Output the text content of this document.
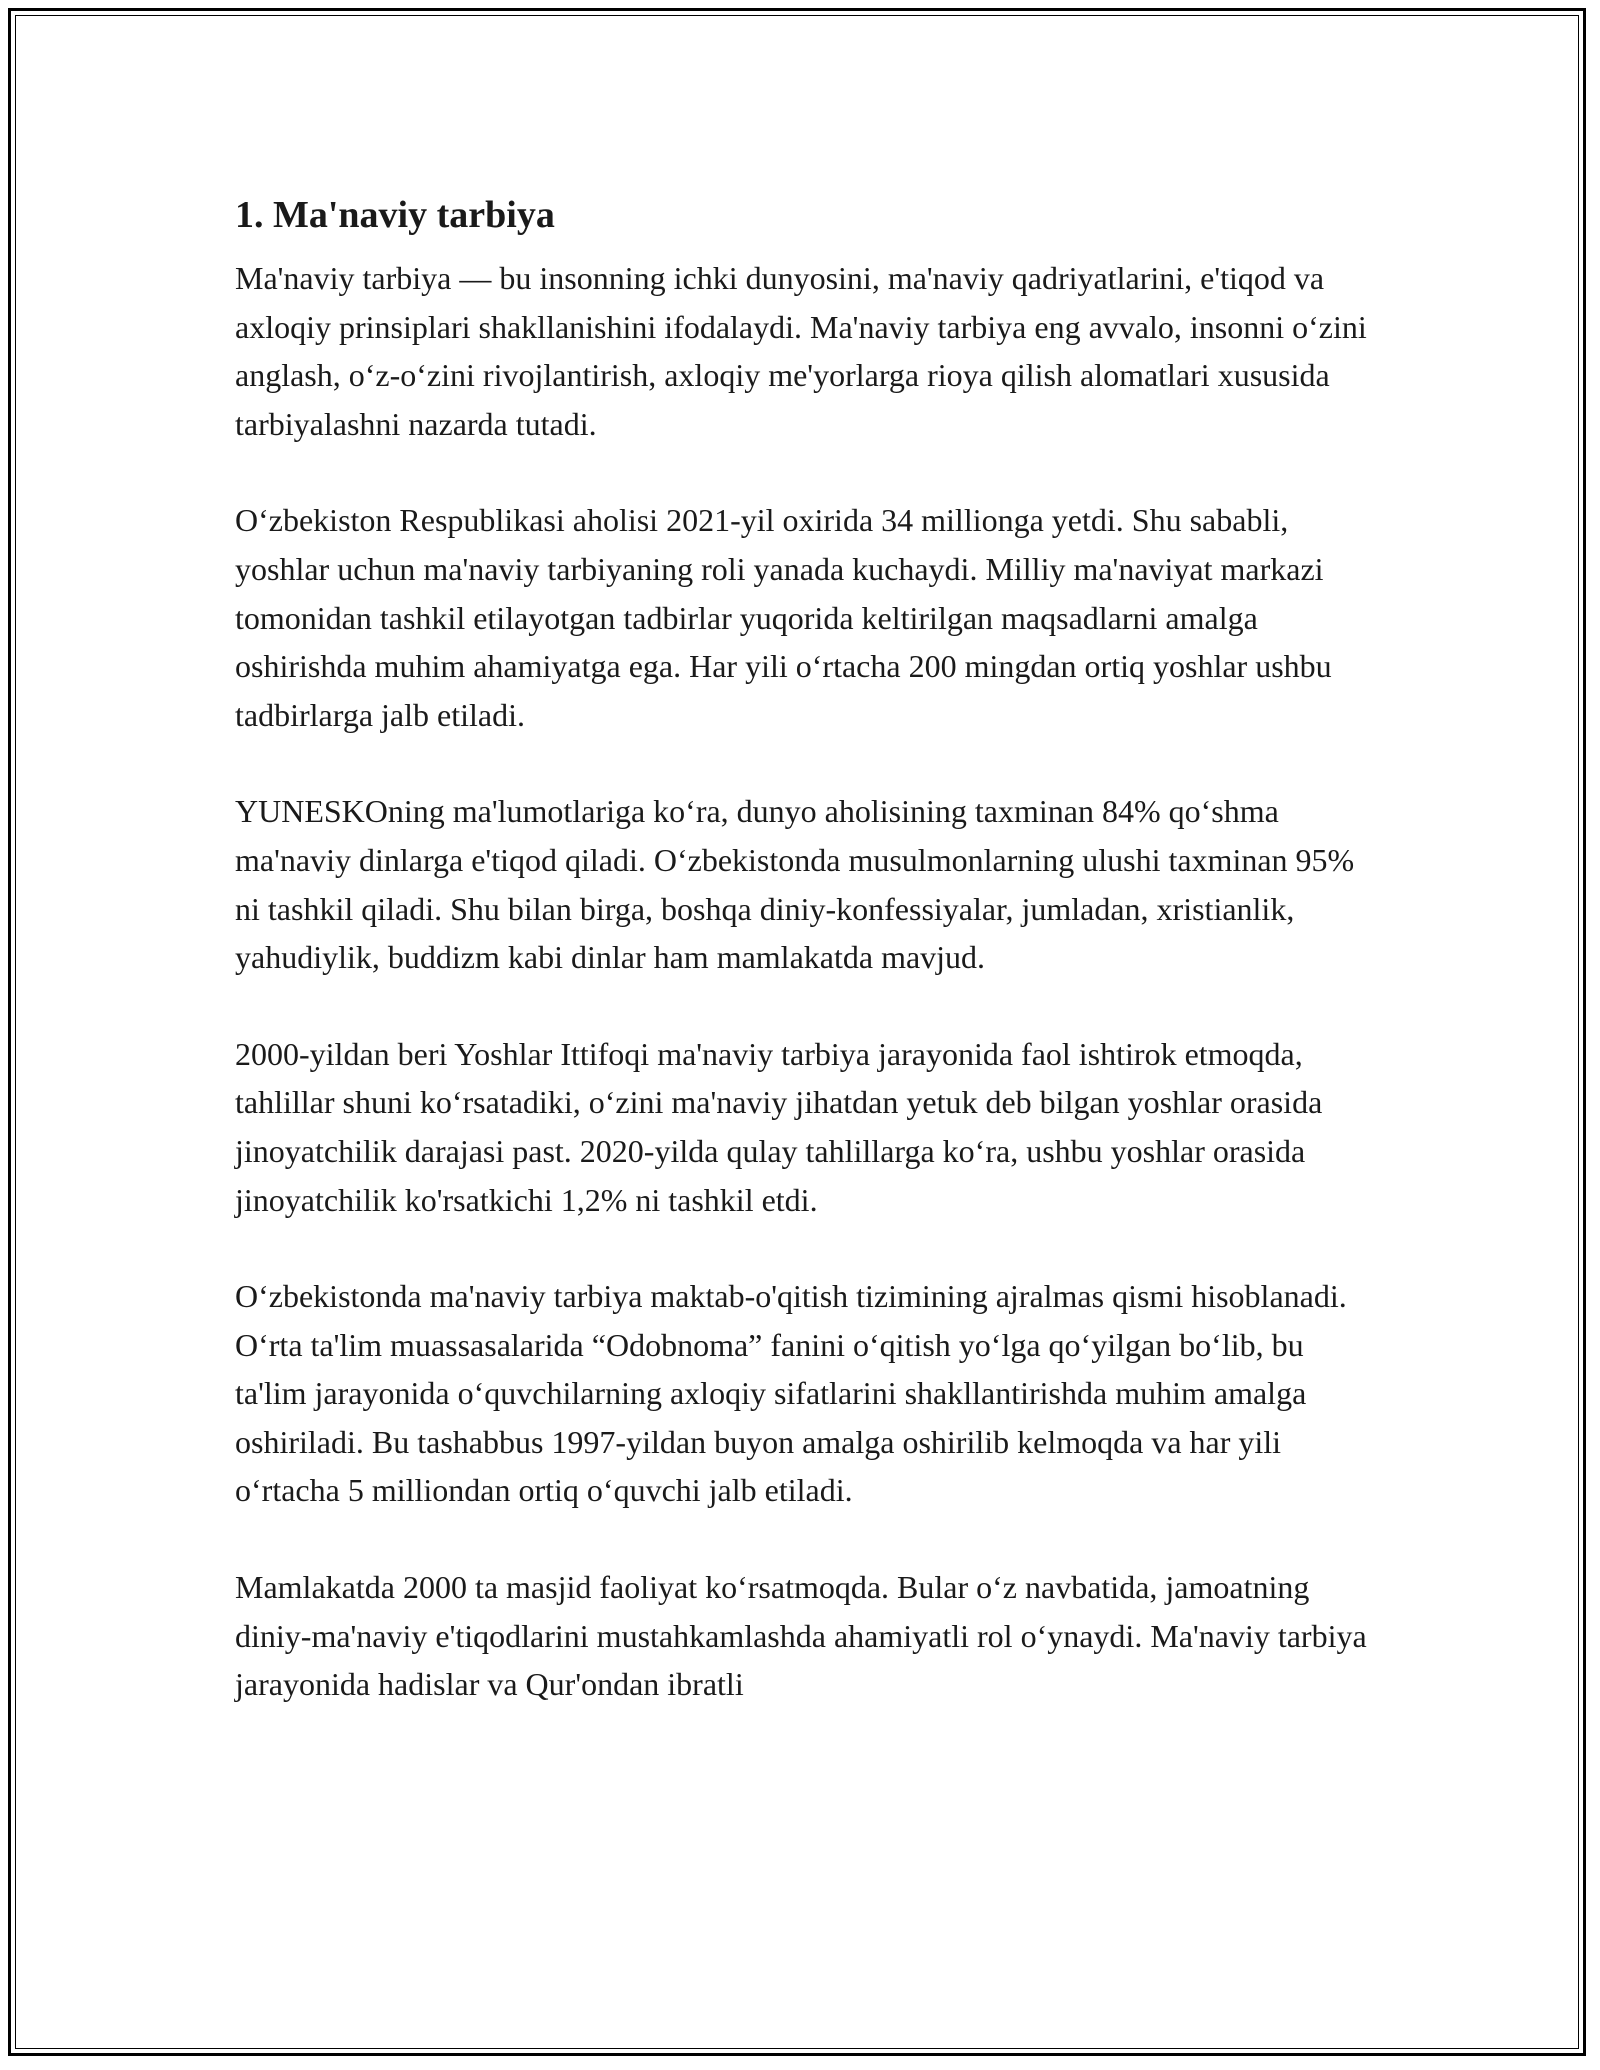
1. Ma'naviy tarbiya

Ma'naviy tarbiya — bu insonning ichki dunyosini, ma'naviy qadriyatlarini, e'tiqod va axloqiy prinsiplari shakllanishini ifodalaydi. Ma'naviy tarbiya eng avvalo, insonni o‘zini anglash, o‘z-o‘zini rivojlantirish, axloqiy me'yorlarga rioya qilish alomatlari xususida tarbiyalashni nazarda tutadi.

O‘zbekiston Respublikasi aholisi 2021-yil oxirida 34 millionga yetdi. Shu sababli, yoshlar uchun ma'naviy tarbiyaning roli yanada kuchaydi. Milliy ma'naviyat markazi tomonidan tashkil etilayotgan tadbirlar yuqorida keltirilgan maqsadlarni amalga oshirishda muhim ahamiyatga ega. Har yili o‘rtacha 200 mingdan ortiq yoshlar ushbu tadbirlarga jalb etiladi.

YUNESKOning ma'lumotlariga ko‘ra, dunyo aholisining taxminan 84% qo‘shma ma'naviy dinlarga e'tiqod qiladi. O‘zbekistonda musulmonlarning ulushi taxminan 95% ni tashkil qiladi. Shu bilan birga, boshqa diniy-konfessiyalar, jumladan, xristianlik, yahudiylik, buddizm kabi dinlar ham mamlakatda mavjud.

2000-yildan beri Yoshlar Ittifoqi ma'naviy tarbiya jarayonida faol ishtirok etmoqda, tahlillar shuni ko‘rsatadiki, o‘zini ma'naviy jihatdan yetuk deb bilgan yoshlar orasida jinoyatchilik darajasi past. 2020-yilda qulay tahlillarga ko‘ra, ushbu yoshlar orasida jinoyatchilik ko'rsatkichi 1,2% ni tashkil etdi.

O‘zbekistonda ma'naviy tarbiya maktab-o'qitish tizimining ajralmas qismi hisoblanadi. O‘rta ta'lim muassasalarida “Odobnoma” fanini o‘qitish yo‘lga qo‘yilgan bo‘lib, bu ta'lim jarayonida o‘quvchilarning axloqiy sifatlarini shakllantirishda muhim amalga oshiriladi. Bu tashabbus 1997-yildan buyon amalga oshirilib kelmoqda va har yili o‘rtacha 5 milliondan ortiq o‘quvchi jalb etiladi.

Mamlakatda 2000 ta masjid faoliyat ko‘rsatmoqda. Bular o‘z navbatida, jamoatning diniy-ma'naviy e'tiqodlarini mustahkamlashda ahamiyatli rol o‘ynaydi. Ma'naviy tarbiya jarayonida hadislar va Qur'ondan ibratli
